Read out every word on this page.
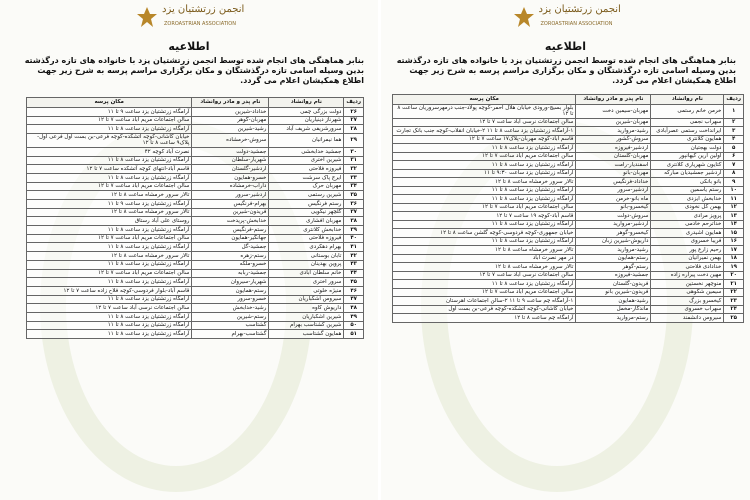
انجمن زرتشتیان یزد
ZOROASTRIAN ASSOCIATION
اطلاعیه
بنابر هماهنگی های انجام شده توسط انجمن زرتشتیان یزد با خانواده های تازه درگذشته بدین وسیله اسامی تازه درگذشتگان و مکان برگزاری مراسم پرسه به شرح زیر جهت اطلاع همکیشان اعلام می گردد.
ردیف	نام روانشاد	نام پدر و مادر روانشاد	مکان پرسه
۲۶	دولت بزرگی چمی	خداداد-شیرین	آرامگاه زرتشتیان یزد ساعت ۹ تا ۱۱
۲۷	شهرناز دینیاریان	مهربان-گوهر	سالن اجتماعات مریم آباد ساعت ۷ تا ۱۲
۲۸	سرورشریفی شریف آباد	رشید-شیرین	آرامگاه زرتشتیان یزد ساعت ۸ تا ۱۱
۲۹	هما نیمرانیان	سروش-خرمشاده	خیابان کاشانی-کوچه آتشکده-کوچه فرعی-بن بست اول فرعی اول-پلاک۹ ساعت ۸ تا ۱۲
۳۰	جمشید خدابخشی	جمشید-دولت	نصرت آباد کوچه ۴۲
۳۱	شیرین اختری	شهریار-سلطان	آرامگاه زرتشتیان یزد ساعت ۸ تا ۱۱
۳۲	فیروزه فلاحتی	اردشیر-گلستان	قاسم آباد-انتهای کوچه آتشکده ساعت ۷ تا ۱۲
۳۳	ایرج پاک سرشت	خسرو-همایون	آرامگاه زرتشتیان یزد ساعت ۸ تا ۱۱
۳۴	مهربان حرک	داراب-خرمشاده	سالن اجتماعات مریم آباد ساعت ۷ تا ۱۲
۳۵	شیرین رستمی	اردشیر-سرور	تالار سرور خرمشاه ساعت ۸ تا ۱۲
۳۶	رستم فرنگیس	بهرام-فرنگیس	آرامگاه زرتشتیان یزد ساعت ۹ تا ۱۱
۳۷	گلچهر نیکویی	فریدون-شیرین	تالار سرور خرمشاه ساعت ۸ تا ۱۲
۳۸	مهربان افشاری	خدابخش-پریدخت	روستای علی آباد رستاق
۳۹	خدابخش کلانتری	رستم-فرنگیس	آرامگاه زرتشتیان یزد ساعت ۸ تا ۱۱
۴۰	فیروزه فلاحتی	جهانگیر-همایون	سالن اجتماعات مریم آباد ساعت ۷ تا ۱۲
۴۱	بهرام دهکردی	جمشید-گل	آرامگاه زرتشتیان یزد ساعت ۸ تا ۱۱
۴۲	تابان بوستانی	رستم-زهره	تالار سرور خرمشاه ساعت ۸ تا ۱۲
۴۳	پروین بهدینان	خسرو-ملکه	آرامگاه زرتشتیان یزد ساعت ۸ تا ۱۱
۴۴	خانم سلطان آبادی	جمشید-ربابه	سالن اجتماعات مریم آباد ساعت ۷ تا ۱۲
۴۵	سرور اختری	شهریار-سیروان	آرامگاه زرتشتیان یزد ساعت ۸ تا ۱۱
۴۶	منیژه خلوتی	رستم-همایون	قاسم آباد-بلوار فردوسی-کوچه فلاح زاده ساعت ۷ تا ۱۲
۴۷	سیروس اشکباریان	خسرو-سرور	آرامگاه زرتشتیان یزد ساعت ۸ تا ۱۱
۴۸	داریوش کاوه	رشید-خدابخش	سالن اجتماعات نرسی آباد ساعت ۷ تا ۱۲
۴۹	شیرین اشکباریان	رستم-شیرین	آرامگاه زرتشتیان یزد ساعت ۸ تا ۱۱
۵۰	شیرین کشتاسب بهرام	گشتاسب	آرامگاه زرتشتیان یزد ساعت ۸ تا ۱۱
۵۱	همایون گشتاسب	گشتاسب-بهرام	آرامگاه زرتشتیان یزد ساعت ۸ تا ۱۱
انجمن زرتشتیان یزد
ZOROASTRIAN ASSOCIATION
اطلاعیه
بنابر هماهنگی های انجام شده توسط انجمن زرتشتیان یزد با خانواده های تازه درگذشته بدین وسیله اسامی تازه درگذشتگان و مکان برگزاری مراسم پرسه به شرح زیر جهت اطلاع همکیشان اعلام می گردد.
ردیف	نام روانشاد	نام پدر و مادر روانشاد	مکان پرسه
۱	خرمن خانم رستمی	مهربان-سیمین دخت	بلوار بسیج-ورودی خیابان هلال احمر-کوچه پولاد-جنب درمهرسروریان ساعت ۸ تا ۱۲
۲	سهراب نجمی	مهربان-شیرین	سالن اجتماعات نرسی آباد ساعت ۷ تا ۱۲
۳	ایرانداخت رستمی عصرآبادی	رشید-مروارید	۱-آرامگاه زرتشتیان یزد ساعت ۸ تا ۱۱ ۲-خیابان انقلاب-کوچه جنب بانک تجارت
۴	همایون کلانتری	سروش-کشور	قاسم آباد-کوچه مهربان-پلاک۱۷ ساعت ۷ تا ۱۲
۵	دولت بهجتیان	اردشیر-فیروزه	آرامگاه زرتشتیان یزد ساعت ۸ تا ۱۱
۶	اولین آرین کیهانپور	مهربان-گلستان	سالن اجتماعات مریم آباد ساعت ۷ تا ۱۲
۷	کتایون شهریاری کلانتری	اسفندیار-رامت	آرامگاه زرتشتیان یزد ساعت ۸ تا ۱۱
۸	اردشیر جمشیدیان مبارکه	مهربان-بانو	آرامگاه زرتشتیان یزد ساعت ۹:۳۰ تا ۱۱
۹	بانو بانکی	خداداد-فرنگیس	تالار سرور خرمشاه ساعت ۸ تا ۱۲
۱۰	رستم یاسمین	اردشیر-سرور	آرامگاه زرتشتیان یزد ساعت ۸ تا ۱۱
۱۱	خدابخش ایزدی	ماه بانو-خرمن	آرامگاه زرتشتیان یزد ساعت ۸ تا ۱۱
۱۲	بهمن کل نخودی	کیخسرو-بانو	سالن اجتماعات مریم آباد ساعت ۷ تا ۱۲
۱۳	پرویز مرادی	سروش-دولت	قاسم آباد-کوچه ۱۹ ساعت ۷ تا ۱۲
۱۴	خداترحم خادمی	اردشیر-مروارید	آرامگاه زرتشتیان یزد ساعت ۸ تا ۱۱
۱۵	همایون اشیدری	کیخسرو-گوهر	خیابان جمهوری-کوچه فردوسی-کوچه گلشن ساعت ۸ تا ۱۲
۱۶	فریبا خسروی	داریوش-شیرین زبان	آرامگاه زرتشتیان یزد ساعت ۸ تا ۱۱
۱۷	رحیم زارع پور	رشید-مروارید	تالار سرور خرمشاه ساعت ۸ تا ۱۲
۱۸	بهمن نمیرانیان	رستم-همایون	در مهر نصرت آباد
۱۹	خدادادی فلاحتی	رستم-گوهر	تالار سرور خرمشاه ساعت ۸ تا ۱۲
۲۰	مهین دخت پیراره زاده	جمشید-فیروزه	سالن اجتماعات نرسی آباد ساعت ۷ تا ۱۲
۲۱	منوچهر نخستین	فریدون-گلستان	آرامگاه زرتشتیان یزد ساعت ۸ تا ۱۱
۲۲	سیمین شکوهی	فریدون-شیرین بانو	سالن اجتماعات مریم آباد ساعت ۷ تا ۱۲
۲۳	کیخسرو بزرگ	رشید-همایون	۱-آرامگاه چم ساعت ۹ تا ۱۱ ۲-سالن اجتماعات اهرستان
۲۴	سهراب خسروی	ماندگار-مخمل	خیابان کاشانی-کوچه آتشکده-کوچه فرعی-بن بست اول
۲۵	سیروس دانشمند	رستم-مروارید	آرامگاه چم ساعت ۸ تا ۱۲
